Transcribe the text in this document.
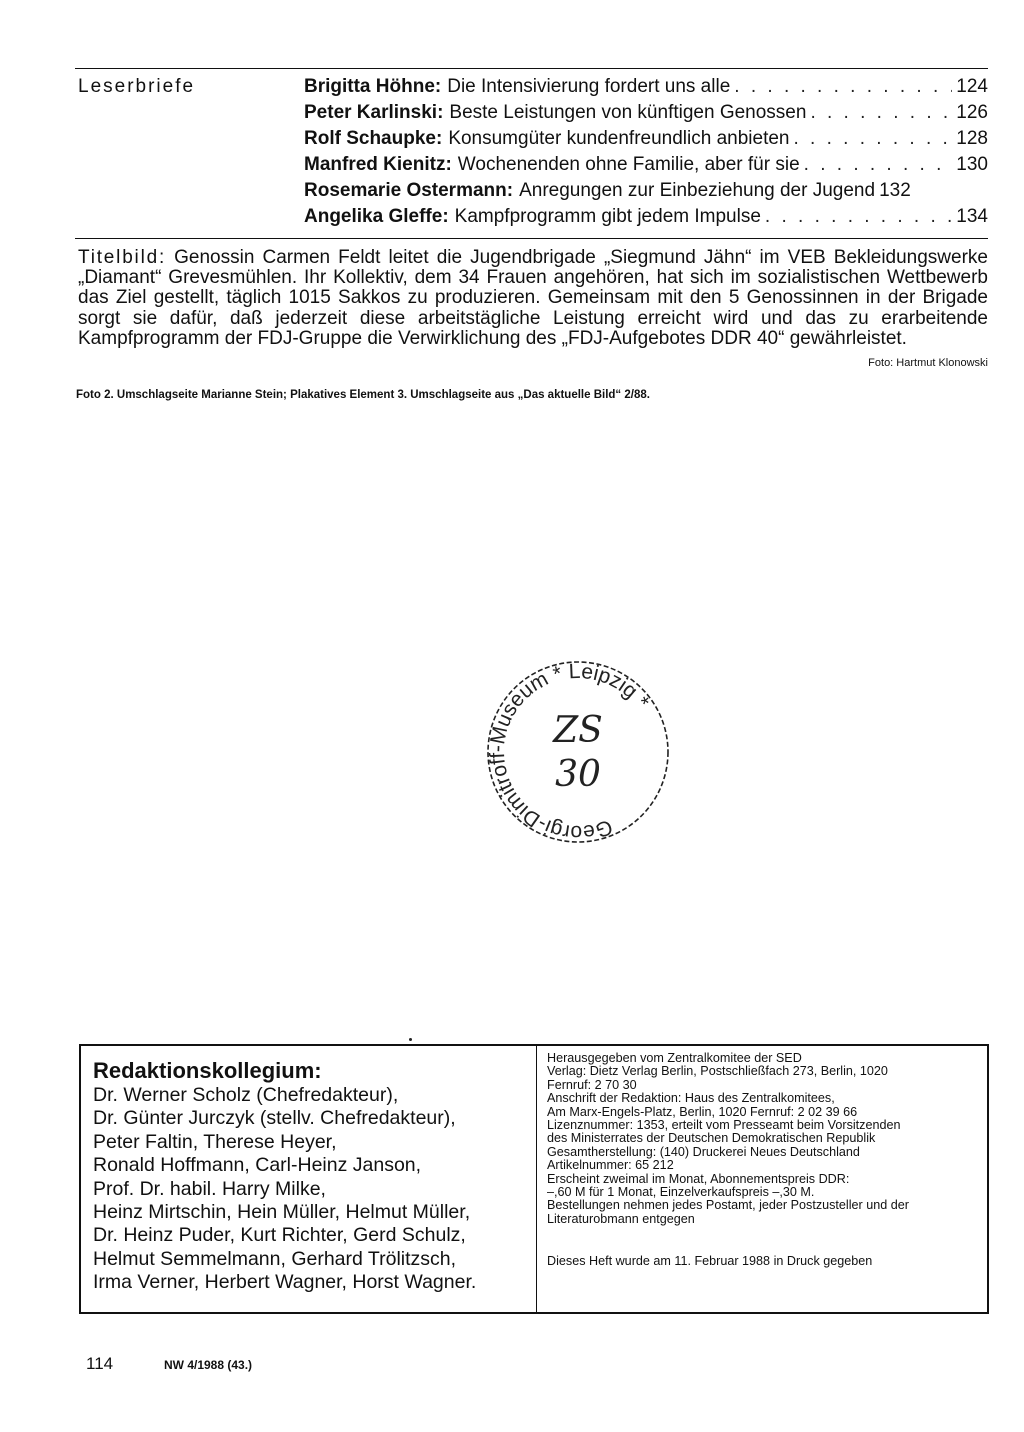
Leserbriefe	Brigitta Höhne: Die Intensivierung fordert uns alle . . .	124
Peter Karlinski: Beste Leistungen von künftigen Genossen . . .	126
Rolf Schaupke: Konsumgüter kundenfreundlich anbieten . . .	128
Manfred Kienitz: Wochenenden ohne Familie, aber für sie . . .	130
Rosemarie Ostermann: Anregungen zur Einbeziehung der Jugend 132
Angelika Gleffe: Kampfprogramm gibt jedem Impulse . . .	134
Titelbild: Genossin Carmen Feldt leitet die Jugendbrigade „Siegmund Jähn“ im VEB Bekleidungswerke „Diamant“ Grevesmühlen. Ihr Kollektiv, dem 34 Frauen angehören, hat sich im sozialistischen Wettbewerb das Ziel gestellt, täglich 1015 Sakkos zu produzieren. Gemeinsam mit den 5 Genossinnen in der Brigade sorgt sie dafür, daß jederzeit diese arbeitstägliche Leistung erreicht wird und das zu erarbeitende Kampfprogramm der FDJ-Gruppe die Verwirklichung des „FDJ-Aufgebotes DDR 40“ gewährleistet.
Foto: Hartmut Klonowski
Foto 2. Umschlagseite Marianne Stein; Plakatives Element 3. Umschlagseite aus „Das aktuelle Bild“ 2/88.
Georgi-Dimitroff-Museum * Leipzig *
ZS
30
Redaktionskollegium:
Dr. Werner Scholz (Chefredakteur),
Dr. Günter Jurczyk (stellv. Chefredakteur),
Peter Faltin, Therese Heyer,
Ronald Hoffmann, Carl-Heinz Janson,
Prof. Dr. habil. Harry Milke,
Heinz Mirtschin, Hein Müller, Helmut Müller,
Dr. Heinz Puder, Kurt Richter, Gerd Schulz,
Helmut Semmelmann, Gerhard Trölitzsch,
Irma Verner, Herbert Wagner, Horst Wagner.
Herausgegeben vom Zentralkomitee der SED
Verlag: Dietz Verlag Berlin, Postschließfach 273, Berlin, 1020
Fernruf: 2 70 30
Anschrift der Redaktion: Haus des Zentralkomitees,
Am Marx-Engels-Platz, Berlin, 1020 Fernruf: 2 02 39 66
Lizenznummer: 1353, erteilt vom Presseamt beim Vorsitzenden
des Ministerrates der Deutschen Demokratischen Republik
Gesamtherstellung: (140) Druckerei Neues Deutschland
Artikelnummer: 65 212
Erscheint zweimal im Monat, Abonnementspreis DDR:
–,60 M für 1 Monat, Einzelverkaufspreis –,30 M.
Bestellungen nehmen jedes Postamt, jeder Postzusteller und der
Literaturobmann entgegen
Dieses Heft wurde am 11. Februar 1988 in Druck gegeben
114	NW 4/1988 (43.)
